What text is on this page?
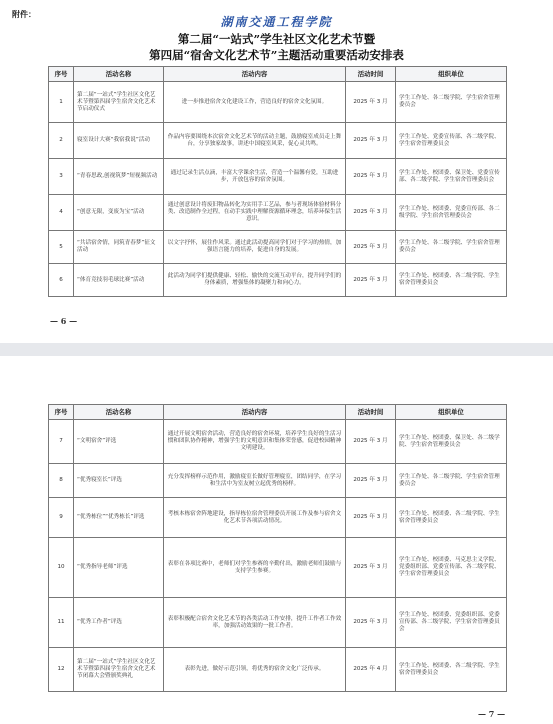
附件：
湖南交通工程学院
第二届“一站式”学生社区文化艺术节暨
第四届“宿舍文化艺术节”主题活动重要活动安排表
序号	活动名称	活动内容	活动时间	组织单位
1	第二届“一站式”学生社区文化艺术节暨第四届学生宿舍文化艺术节启动仪式	进一步推进宿舍文化建设工作，营造良好的宿舍文化氛围。	2025 年 3 月	学生工作处、各二级学院、学生宿舍管理委员会
2	寝室设计大赛“我宿我说”活动	作品内容要围绕本次宿舍文化艺术节的活动主题，鼓励寝室成员走上舞台，分享独家故事，讲述中国寝室风采，促心灵共鸣。	2025 年 3 月	学生工作处、党委宣传部、各二级学院、学生宿舍管理委员会
3	“青春思政,创视筑梦”短视频活动	通过记录生活点滴，丰富大学课余生活，营造一个温馨有爱，互助进步，开放包容的宿舍氛围。	2025 年 3 月	学生工作处、校团委、保卫处、党委宣传部、各二级学院、学生宿舍管理委员会
4	“创意无限，变废为宝”活动	通过创意设计将废旧物品转化为实用手工艺品，参与者现场体验材料分类、改造制作全过程，在动手实践中理解资源循环理念，培养环保生活意识。	2025 年 3 月	学生工作处、校团委、党委宣传部、各二级学院、学生宿舍管理委员会
5	“共话宿舍情，同筑青春梦”征文活动	以文字抒怀，展住作风采。通过此活动提高同学们对于学习的热情，加强语言能力的培养，促进自身的发展。	2025 年 3 月	学生工作处、各二级学院、学生宿舍管理委员会
6	“体育竞技羽毛球比赛”活动	此活动为同学们提供健康、轻松、愉快的交流互动平台，提升同学们的身体素质，增强集体的凝聚力和向心力。	2025 年 3 月	学生工作处、校团委、各二级学院、学生宿舍管理委员会
— 6 —
序号	活动名称	活动内容	活动时间	组织单位
7	“文明宿舍”评选	通过开展文明宿舍活动，营造良好的宿舍环境，培养学生良好的生活习惯和团队协作精神，增强学生的文明意识和集体荣誉感，促进校园精神文明建设。	2025 年 3 月	学生工作处、校团委、保卫处、各二级学院、学生宿舍管理委员会
8	“优秀寝室长”评选	充分发挥榜样示范作用，激励寝室长做好管理寝室，团结同学，在学习和生活中为室友树立起优秀的榜样。	2025 年 3 月	学生工作处、各二级学院、学生宿舍管理委员会
9	“优秀栋位”“优秀栋长”评选	考核本栋宿舍阵地建设，指导栋位宿舍管理委员开展工作及参与宿舍文化艺术节各项活动情况。	2025 年 3 月	学生工作处、校团委、各二级学院、学生宿舍管理委员会
10	“优秀指导老师”评选	表彰在各项比赛中，老师们对学生参赛的辛勤付出，激励老师们鼓励与支持学生参赛。	2025 年 3 月	学生工作处、校团委、马克思主义学院、党委组织部、党委宣传部、各二级学院、学生宿舍管理委员会
11	“优秀工作者”评选	表彰积极配合宿舍文化艺术节的各类活动工作安排，提升工作者工作效率，加强活动效果的一批工作者。	2025 年 3 月	学生工作处、校团委、党委组织部、党委宣传部、各二级学院、学生宿舍管理委员会
12	第二届“一站式”学生社区文化艺术节暨第四届学生宿舍文化艺术节闭幕大会暨颁奖典礼	表彰先进，做好示范引领，将优秀的宿舍文化广泛传承。	2025 年 4 月	学生工作处、校团委、各二级学院、学生宿舍管理委员会
— 7 —
